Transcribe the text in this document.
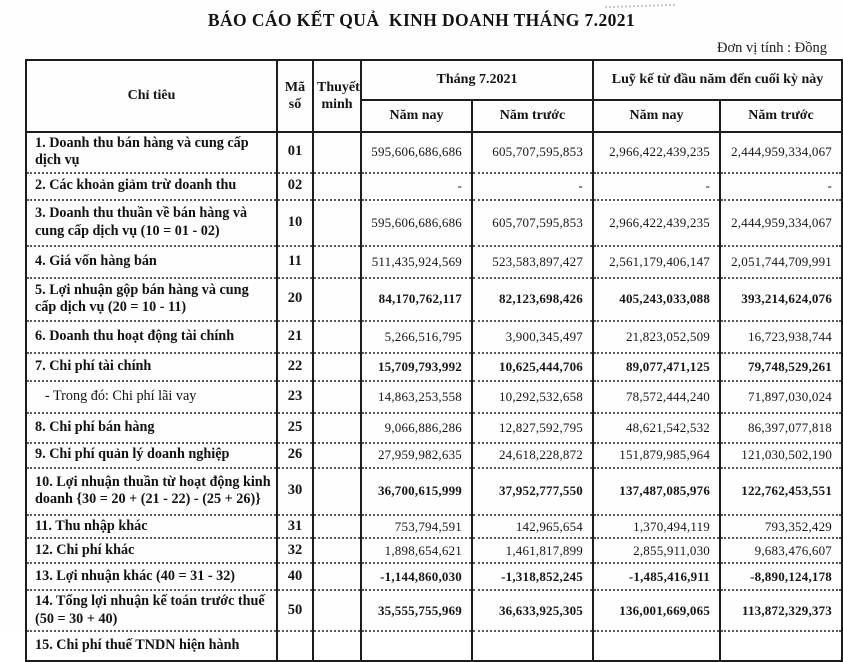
BÁO CÁO KẾT QUẢ  KINH DOANH THÁNG 7.2021
Đơn vị tính : Đồng
Chỉ tiêu	Mã số	Thuyết minh	Tháng 7.2021		Luỹ kế từ đầu năm đến cuối kỳ này	
			Năm nay	Năm trước	Năm nay	Năm trước
1. Doanh thu bán hàng và cung cấp dịch vụ	01		595,606,686,686	605,707,595,853	2,966,422,439,235	2,444,959,334,067
2. Các khoản giảm trừ doanh thu	02		-	-	-	-
3. Doanh thu thuần về bán hàng và cung cấp dịch vụ (10 = 01 - 02)	10		595,606,686,686	605,707,595,853	2,966,422,439,235	2,444,959,334,067
4. Giá vốn hàng bán	11		511,435,924,569	523,583,897,427	2,561,179,406,147	2,051,744,709,991
5. Lợi nhuận gộp bán hàng và cung cấp dịch vụ (20 = 10 - 11)	20		84,170,762,117	82,123,698,426	405,243,033,088	393,214,624,076
6. Doanh thu hoạt động tài chính	21		5,266,516,795	3,900,345,497	21,823,052,509	16,723,938,744
7. Chi phí tài chính	22		15,709,793,992	10,625,444,706	89,077,471,125	79,748,529,261
- Trong đó: Chi phí lãi vay	23		14,863,253,558	10,292,532,658	78,572,444,240	71,897,030,024
8. Chi phí bán hàng	25		9,066,886,286	12,827,592,795	48,621,542,532	86,397,077,818
9. Chi phí quản lý doanh nghiệp	26		27,959,982,635	24,618,228,872	151,879,985,964	121,030,502,190
10. Lợi nhuận thuần từ hoạt động kinh doanh {30 = 20 + (21 - 22) - (25 + 26)}	30		36,700,615,999	37,952,777,550	137,487,085,976	122,762,453,551
11. Thu nhập khác	31		753,794,591	142,965,654	1,370,494,119	793,352,429
12. Chi phí khác	32		1,898,654,621	1,461,817,899	2,855,911,030	9,683,476,607
13. Lợi nhuận khác (40 = 31 - 32)	40		-1,144,860,030	-1,318,852,245	-1,485,416,911	-8,890,124,178
14. Tổng lợi nhuận kế toán trước thuế (50 = 30 + 40)	50		35,555,755,969	36,633,925,305	136,001,669,065	113,872,329,373
15. Chi phí thuế TNDN hiện hành						
